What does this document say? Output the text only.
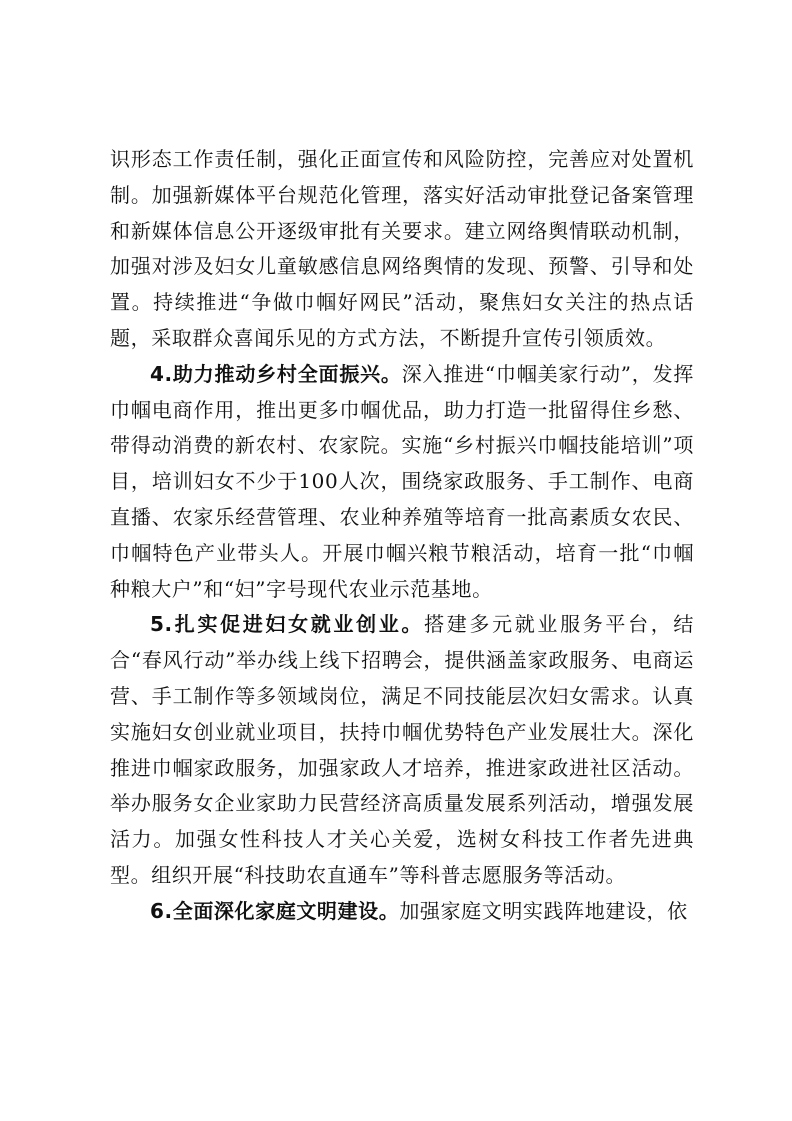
识形态工作责任制，强化正面宣传和风险防控，完善应对处置机制。加强新媒体平台规范化管理，落实好活动审批登记备案管理和新媒体信息公开逐级审批有关要求。建立网络舆情联动机制，加强对涉及妇女儿童敏感信息网络舆情的发现、预警、引导和处置。持续推进“争做巾帼好网民”活动，聚焦妇女关注的热点话题，采取群众喜闻乐见的方式方法，不断提升宣传引领质效。

4.助力推动乡村全面振兴。深入推进“巾帼美家行动”，发挥巾帼电商作用，推出更多巾帼优品，助力打造一批留得住乡愁、带得动消费的新农村、农家院。实施“乡村振兴巾帼技能培训”项目，培训妇女不少于100人次，围绕家政服务、手工制作、电商直播、农家乐经营管理、农业种养殖等培育一批高素质女农民、巾帼特色产业带头人。开展巾帼兴粮节粮活动，培育一批“巾帼种粮大户”和“妇”字号现代农业示范基地。

5.扎实促进妇女就业创业。搭建多元就业服务平台，结合“春风行动”举办线上线下招聘会，提供涵盖家政服务、电商运营、手工制作等多领域岗位，满足不同技能层次妇女需求。认真实施妇女创业就业项目，扶持巾帼优势特色产业发展壮大。深化推进巾帼家政服务，加强家政人才培养，推进家政进社区活动。举办服务女企业家助力民营经济高质量发展系列活动，增强发展活力。加强女性科技人才关心关爱，选树女科技工作者先进典型。组织开展“科技助农直通车”等科普志愿服务等活动。

6.全面深化家庭文明建设。加强家庭文明实践阵地建设，依
